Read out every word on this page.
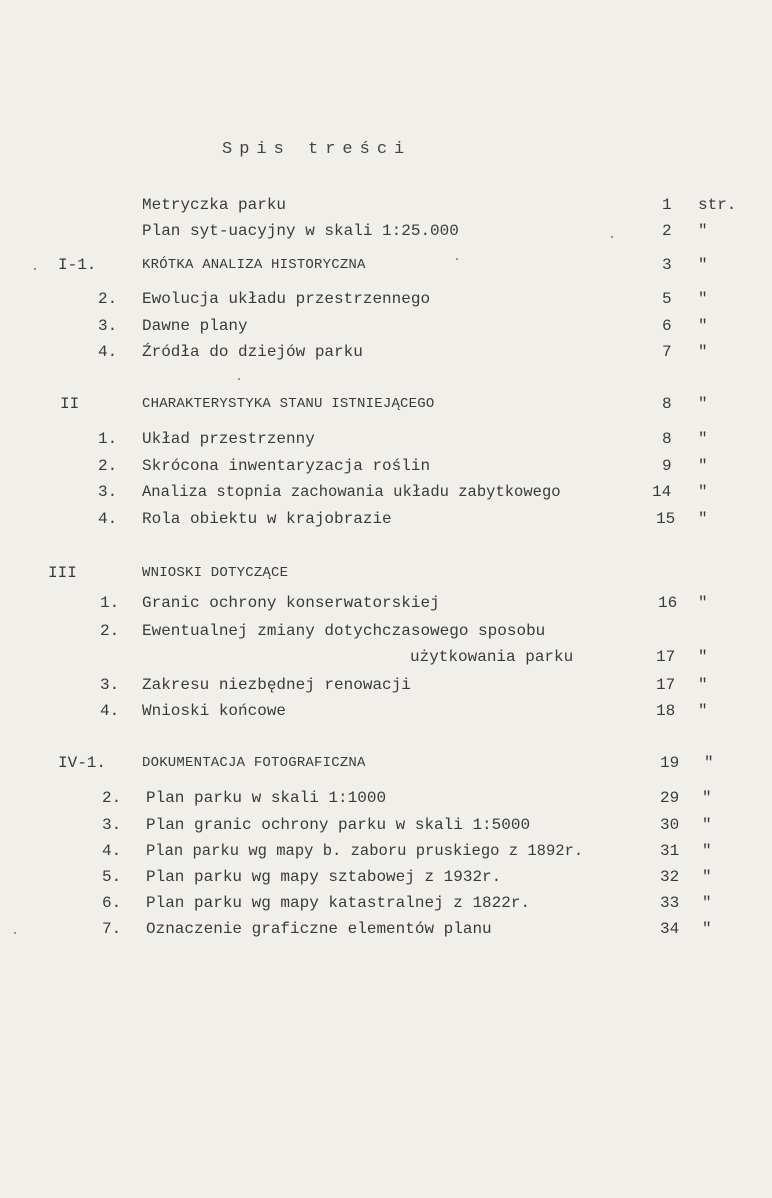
Spis treści
Metryczka parku	1 str.
Plan syt-uacyjny w skali 1:25.000	2 "
I-1.	KRÓTKA ANALIZA HISTORYCZNA	3 "
2. Ewolucja układu przestrzennego	5 "
3. Dawne plany	6 "
4. Źródła do dziejów parku	7 "
II	CHARAKTERYSTYKA STANU ISTNIEJĄCEGO	8 "
1. Układ przestrzenny	8 "
2. Skrócona inwentaryzacja roślin	9 "
3. Analiza stopnia zachowania układu zabytkowego	14 "
4. Rola obiektu w krajobrazie	15 "
III	WNIOSKI DOTYCZĄCE
1. Granic ochrony konserwatorskiej	16 "
2. Ewentualnej zmiany dotychczasowego sposobu
użytkowania parku	17 "
3. Zakresu niezbędnej renowacji	17 "
4. Wnioski końcowe	18 "
IV-1.	DOKUMENTACJA FOTOGRAFICZNA	19 "
2. Plan parku w skali 1:1000	29 "
3. Plan granic ochrony parku w skali 1:5000	30 "
4. Plan parku wg mapy b. zaboru pruskiego z 1892r.	31 "
5. Plan parku wg mapy sztabowej z 1932r.	32 "
6. Plan parku wg mapy katastralnej z 1822r.	33 "
7. Oznaczenie graficzne elementów planu	34 "
